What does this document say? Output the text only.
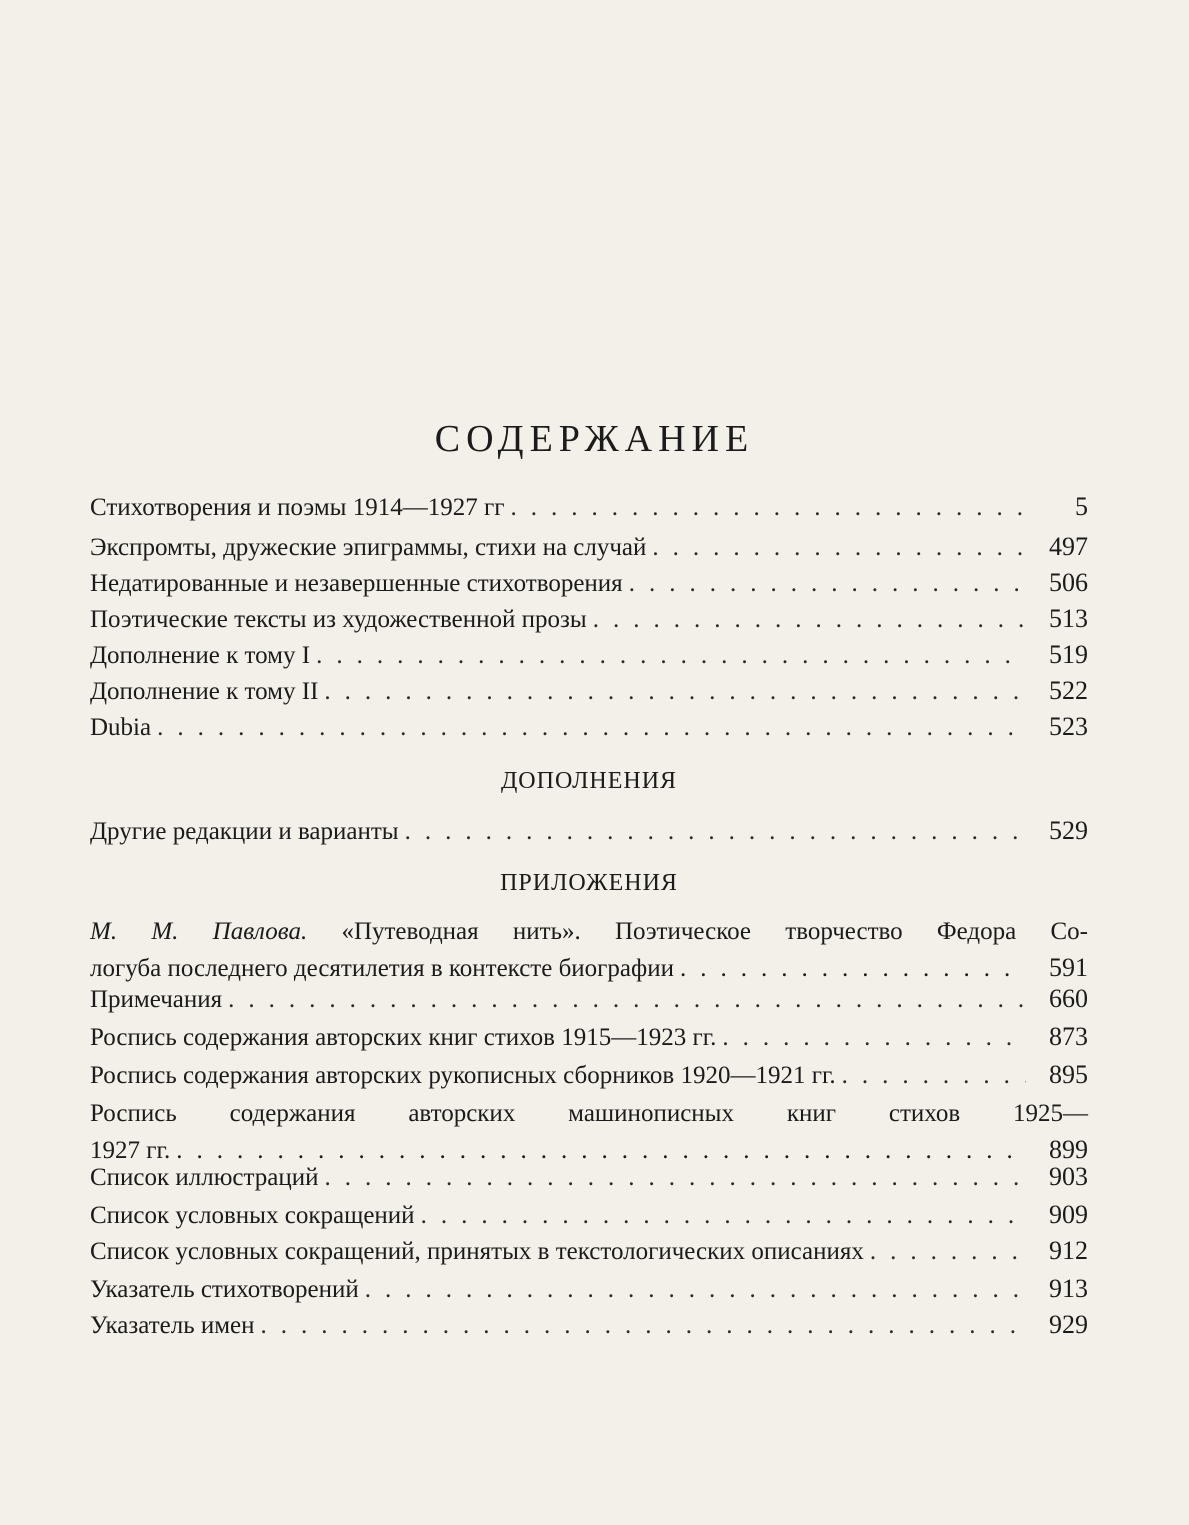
СОДЕРЖАНИЕ
Стихотворения и поэмы 1914—1927 гг .....	5
Экспромты, дружеские эпиграммы, стихи на случай .....	497
Недатированные и незавершенные стихотворения .....	506
Поэтические тексты из художественной прозы .....	513
Дополнение к тому I .....	519
Дополнение к тому II .....	522
Dubia .....	523
ДОПОЛНЕНИЯ
Другие редакции и варианты .....	529
ПРИЛОЖЕНИЯ
М. М. Павлова. «Путеводная нить». Поэтическое творчество Федора Со-
логуба последнего десятилетия в контексте биографии .....	591
Примечания .....	660
Роспись содержания авторских книг стихов 1915—1923 гг. .....	873
Роспись содержания авторских рукописных сборников 1920—1921 гг. .....	895
Роспись содержания авторских машинописных книг стихов 1925—
1927 гг. .....	899
Список иллюстраций .....	903
Список условных сокращений .....	909
Список условных сокращений, принятых в текстологических описаниях .....	912
Указатель стихотворений .....	913
Указатель имен .....	929
